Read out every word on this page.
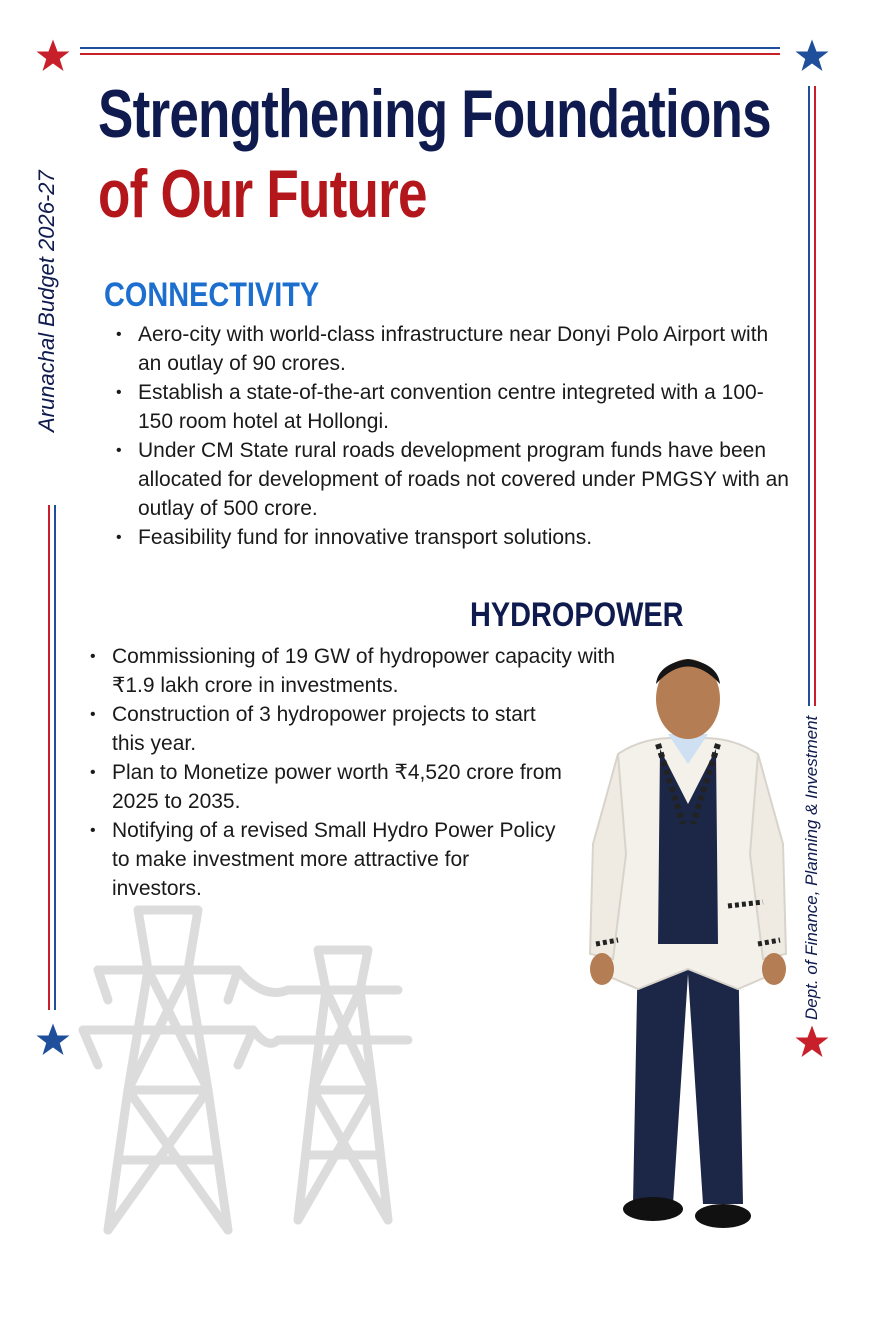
Arunachal Budget 2026-27
Dept. of Finance, Planning & Investment
Strengthening Foundations
of Our Future
CONNECTIVITY
• Aero-city with world-class infrastructure near Donyi Polo Airport with an outlay of 90 crores.
• Establish a state-of-the-art convention centre integreted with a 100-150 room hotel at Hollongi.
• Under CM State rural roads development program funds have been allocated for development of roads not covered under PMGSY with an outlay of 500 crore.
• Feasibility fund for innovative transport solutions.
HYDROPOWER
• Commissioning of 19 GW of hydropower capacity with ₹1.9 lakh crore in investments.
• Construction of 3 hydropower projects to start this year.
• Plan to Monetize power worth ₹4,520 crore from 2025 to 2035.
• Notifying of a revised Small Hydro Power Policy to make investment more attractive for investors.
